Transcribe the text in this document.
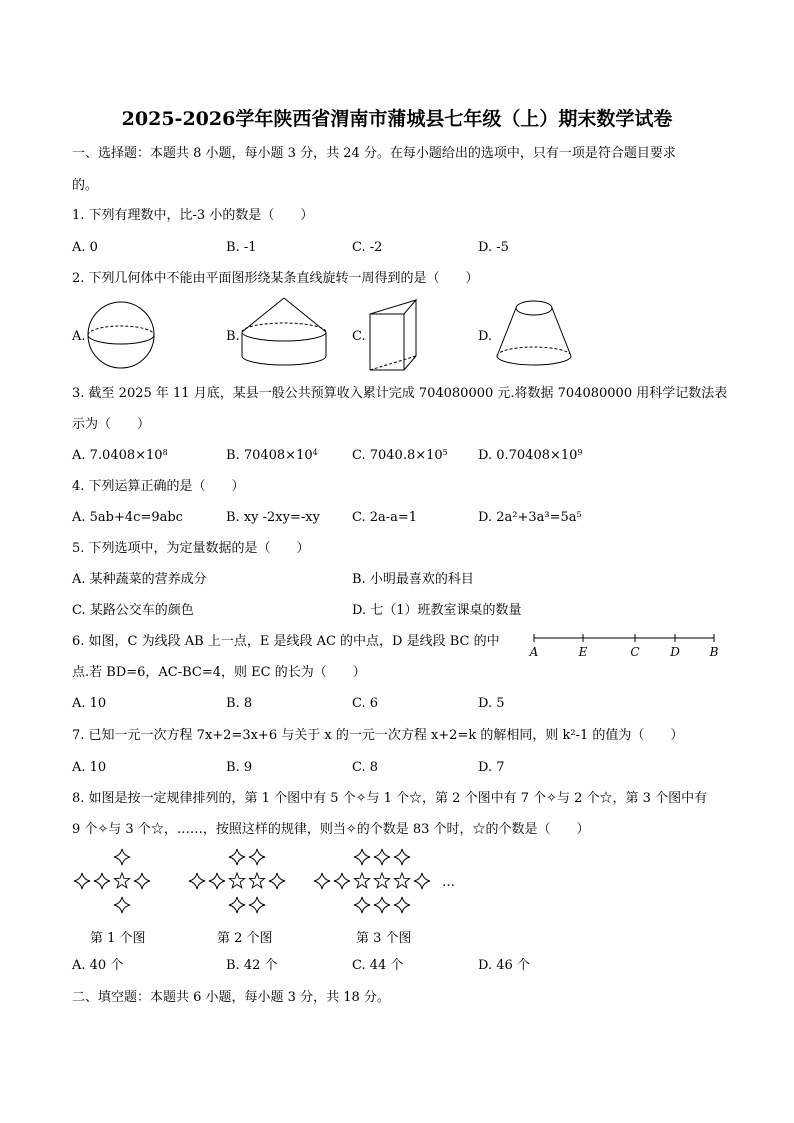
2025-2026学年陕西省渭南市蒲城县七年级（上）期末数学试卷
一、选择题：本题共 8 小题，每小题 3 分，共 24 分。在每小题给出的选项中，只有一项是符合题目要求
的。
1. 下列有理数中，比-3 小的数是（　　）
A. 0	B. -1	C. -2	D. -5
2. 下列几何体中不能由平面图形绕某条直线旋转一周得到的是（　　）
A.	B.	C.	D.
3. 截至 2025 年 11 月底，某县一般公共预算收入累计完成 704080000 元.将数据 704080000 用科学记数法表
示为（　　）
A. $7.0408\times 10^8$	B. $70408\times 10^4$	C. $7040.8\times 10^5$ D. $0.70408\times 10^9$
4. 下列运算正确的是（　　）
A. 5ab+4c=9abc	B. xy -2xy=-xy C. 2a-a=1	D. 2a²+3a³=5a⁵
5. 下列选项中，为定量数据的是（　　）
A. 某种蔬菜的营养成分	B. 小明最喜欢的科目
C. 某路公交车的颜色	D. 七（1）班教室课桌的数量
6. 如图，C 为线段 AB 上一点，E 是线段 AC 的中点，D 是线段 BC 的中
点.若 BD=6，AC-BC=4，则 EC 的长为（　　）
A	E	C	D B
A. 10	B. 8	C. 6	D. 5
7. 已知一元一次方程 7x+2=3x+6 与关于 x 的一元一次方程 x+2=k 的解相同，则 k²-1 的值为（　　）
A. 10	B. 9	C. 8	D. 7
8. 如图是按一定规律排列的，第 1 个图中有 5 个✧与 1 个☆，第 2 个图中有 7 个✧与 2 个☆，第 3 个图中有
9 个✧与 3 个☆，……，按照这样的规律，则当✧的个数是 83 个时，☆的个数是（　　）
…
第 1 个图	第 2 个图	第 3 个图
A. 40 个	B. 42 个	C. 44 个	D. 46 个
二、填空题：本题共 6 小题，每小题 3 分，共 18 分。
